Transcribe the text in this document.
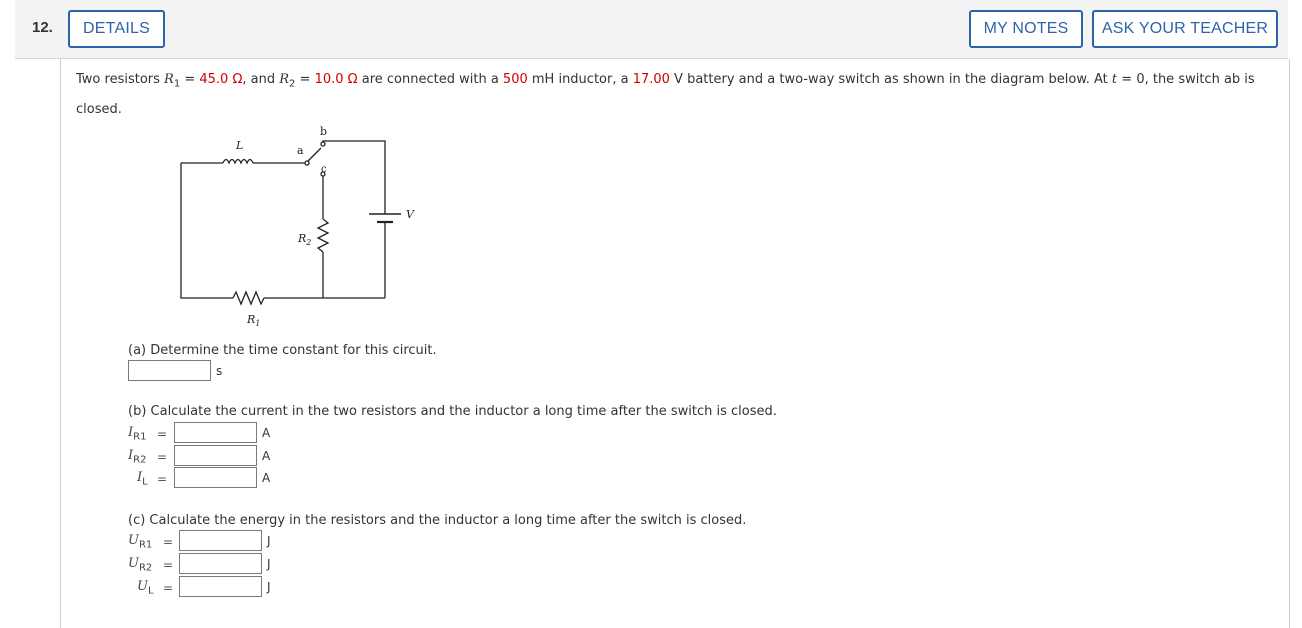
12.	DETAILS	MY NOTES	ASK YOUR TEACHER
Two resistors $R_1 = 45.0$ Ω, and $R_2 = 10.0$ Ω are connected with a 500 mH inductor, a 17.00 V battery and a two-way switch as shown in the diagram below. At t = 0, the switch ab is closed.
L	a
b
c
$R_2$
V
$R_1$
(a) Determine the time constant for this circuit.
s
(b) Calculate the current in the two resistors and the inductor a long time after the switch is closed.
$I_{R1}$ =	A
$I_{R2}$ =	A
$I_L$ =	A
(c) Calculate the energy in the resistors and the inductor a long time after the switch is closed.
$U_{R1}$ =	J
$U_{R2}$ =	J
$U_L$ =	J
